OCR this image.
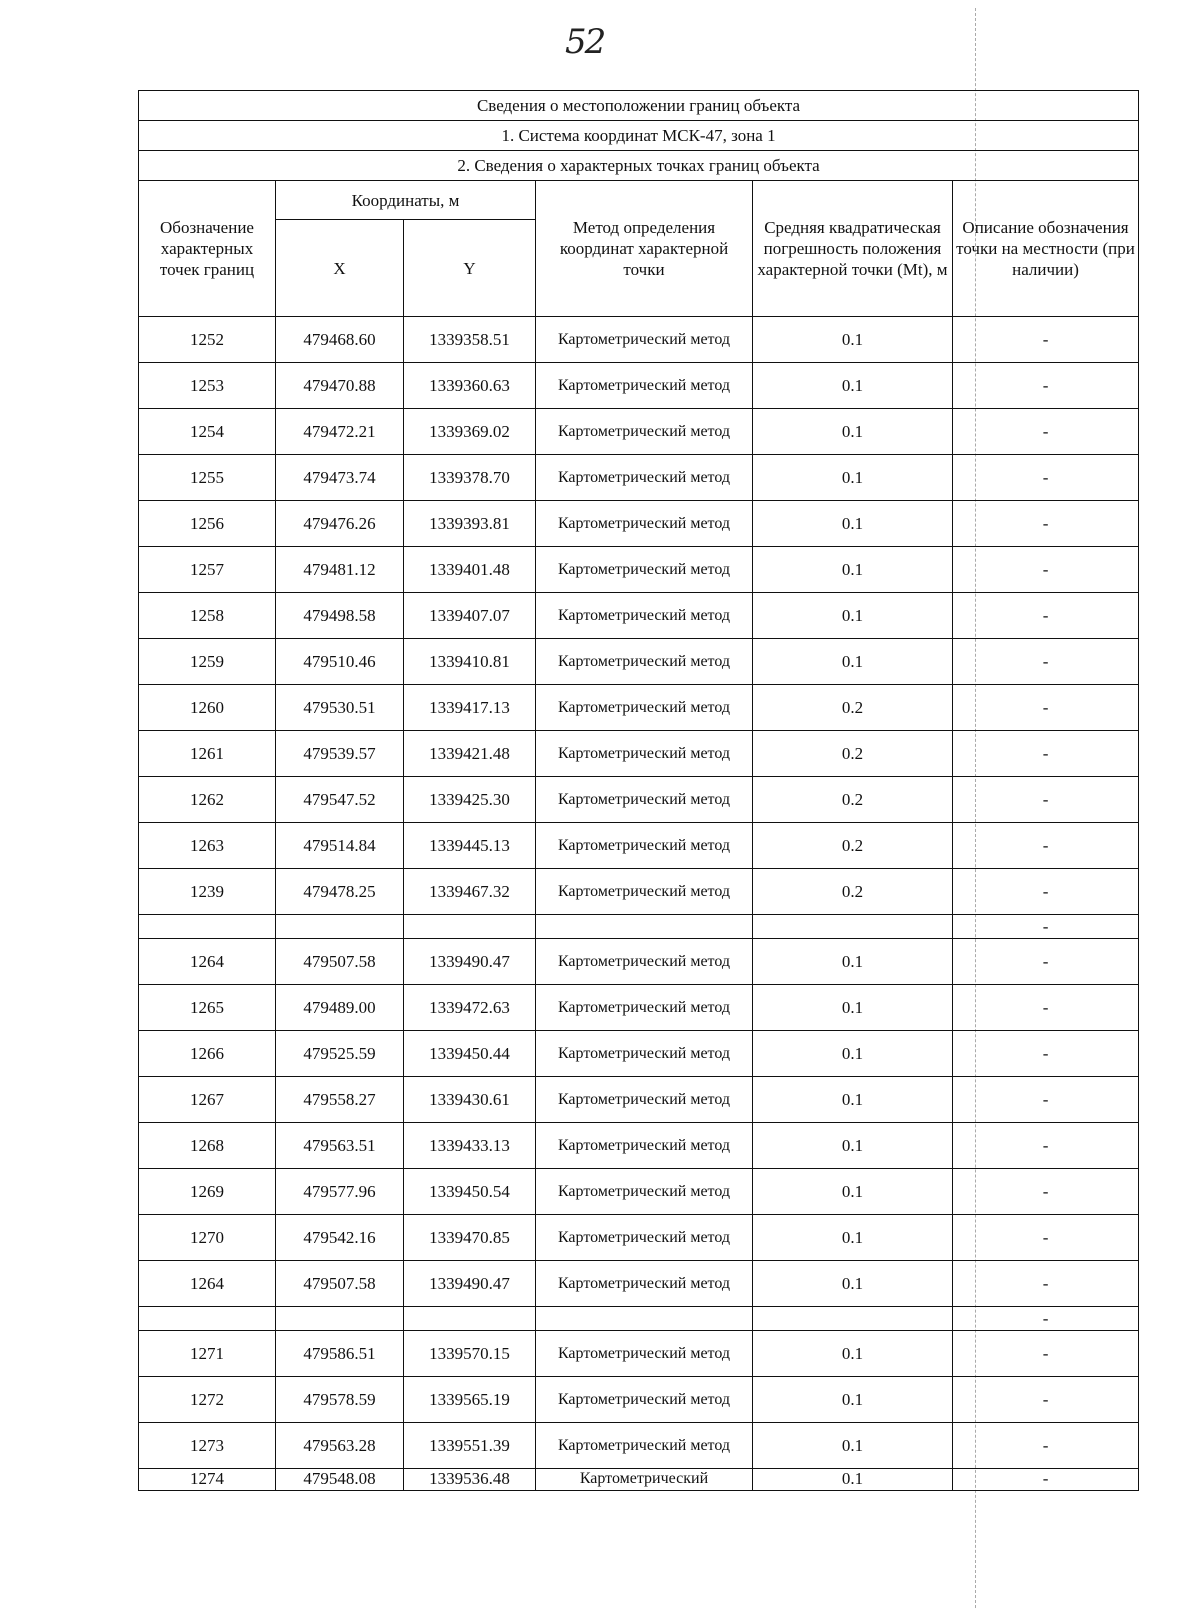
52
Сведения о местоположении границ объекта					
1. Система координат МСК-47, зона 1					
2. Сведения о характерных точках границ объекта					
Обозначение характерных точек границ	Координаты, м		Метод определения координат характерной точки	Средняя квадратическая погрешность положения характерной точки (Mt), м	Описание обозначения точки на местности (при наличии)
	X	Y			
1252	479468.60	1339358.51	Картометрический метод	0.1	-
1253	479470.88	1339360.63	Картометрический метод	0.1	-
1254	479472.21	1339369.02	Картометрический метод	0.1	-
1255	479473.74	1339378.70	Картометрический метод	0.1	-
1256	479476.26	1339393.81	Картометрический метод	0.1	-
1257	479481.12	1339401.48	Картометрический метод	0.1	-
1258	479498.58	1339407.07	Картометрический метод	0.1	-
1259	479510.46	1339410.81	Картометрический метод	0.1	-
1260	479530.51	1339417.13	Картометрический метод	0.2	-
1261	479539.57	1339421.48	Картометрический метод	0.2	-
1262	479547.52	1339425.30	Картометрический метод	0.2	-
1263	479514.84	1339445.13	Картометрический метод	0.2	-
1239	479478.25	1339467.32	Картометрический метод	0.2	-
					-
1264	479507.58	1339490.47	Картометрический метод	0.1	-
1265	479489.00	1339472.63	Картометрический метод	0.1	-
1266	479525.59	1339450.44	Картометрический метод	0.1	-
1267	479558.27	1339430.61	Картометрический метод	0.1	-
1268	479563.51	1339433.13	Картометрический метод	0.1	-
1269	479577.96	1339450.54	Картометрический метод	0.1	-
1270	479542.16	1339470.85	Картометрический метод	0.1	-
1264	479507.58	1339490.47	Картометрический метод	0.1	-
					-
1271	479586.51	1339570.15	Картометрический метод	0.1	-
1272	479578.59	1339565.19	Картометрический метод	0.1	-
1273	479563.28	1339551.39	Картометрический метод	0.1	-
1274	479548.08	1339536.48	Картометрический	0.1	-
